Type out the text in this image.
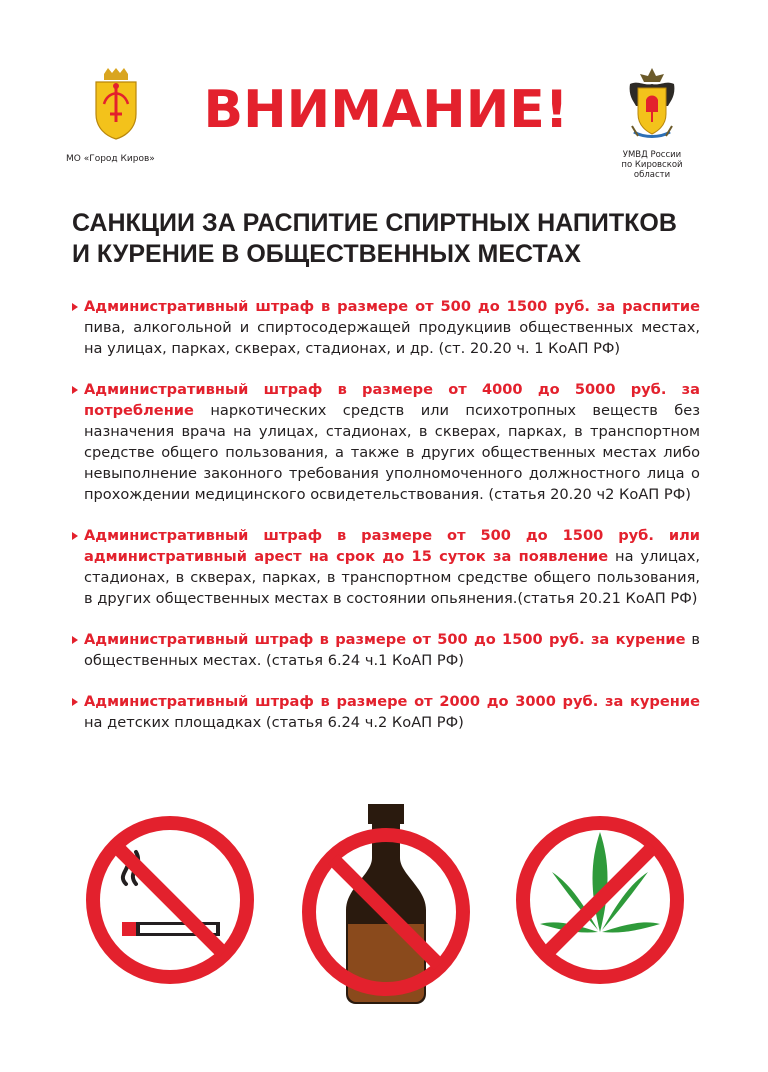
МО «Город Киров»
ВНИМАНИЕ!
УМВД России
по Кировской
области
САНКЦИИ ЗА РАСПИТИЕ СПИРТНЫХ НАПИТКОВ
И КУРЕНИЕ В ОБЩЕСТВЕННЫХ МЕСТАХ
Административный штраф в размере от 500 до 1500 руб. за распитие пива, алкогольной и спиртосодержащей продукциив общественных местах, на улицах, парках, скверах, стадионах, и др. (ст. 20.20 ч. 1 КоАП РФ)
Административный штраф в размере от 4000 до 5000 руб. за потребление наркотических средств или психотропных веществ без назначения врача на улицах, стадионах, в скверах, парках, в транспортном средстве общего пользования, а также в других общественных местах либо невыполнение законного требования уполномоченного должностного лица о прохождении медицинского освидетельствования. (статья 20.20 ч2 КоАП РФ)
Административный штраф в размере от 500 до 1500 руб. или административный арест на срок до 15 суток за появление на улицах, стадионах, в скверах, парках, в транспортном средстве общего пользования, в других общественных местах в состоянии опьянения.(статья 20.21 КоАП РФ)
Административный штраф в размере от 500 до 1500 руб. за курение в общественных местах. (статья 6.24 ч.1 КоАП РФ)
Административный штраф в размере от 2000 до 3000 руб. за курение на детских площадках (статья 6.24 ч.2 КоАП РФ)
